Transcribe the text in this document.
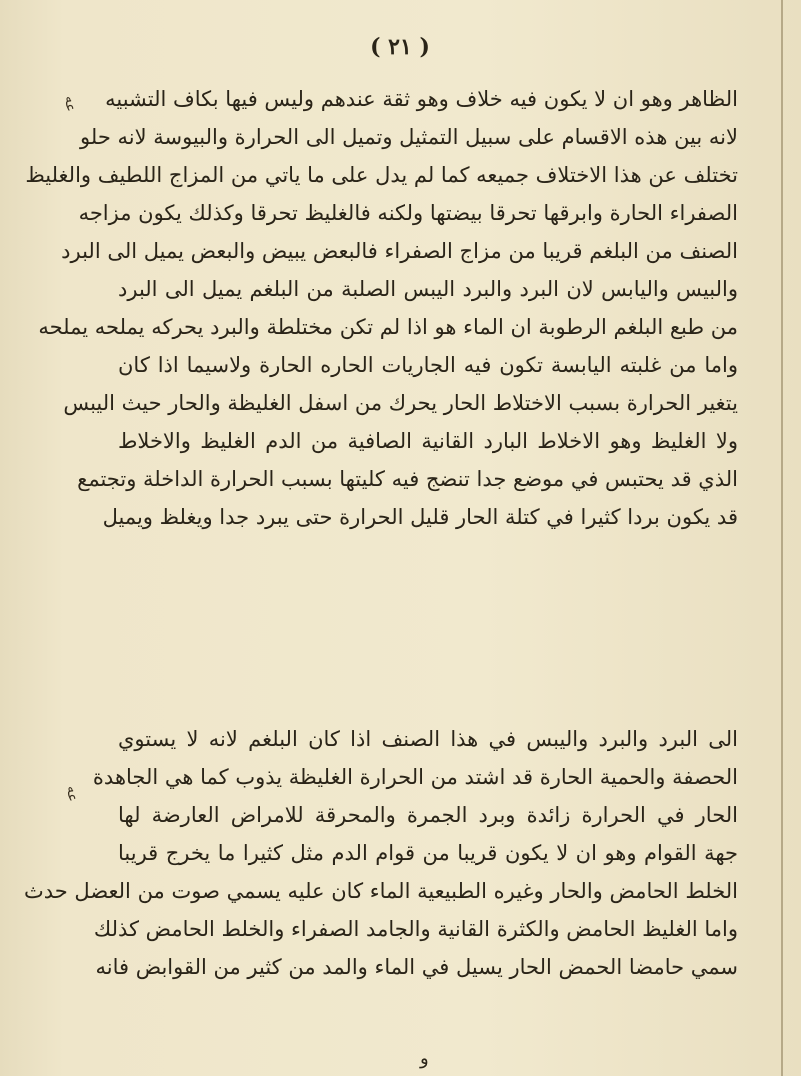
( ٢١ )
ﻋﻪ
ﻋﻪ

الظاهر وهو ان لا يكون فيه خلاف وهو ثقة عندهم وليس فيها بكاف التشبيه

لانه بين هذه الاقسام على سبيل التمثيل وتميل الى الحرارة والبيوسة لانه حلو

تختلف عن هذا الاختلاف جميعه كما لم يدل على ما ياتي من المزاج اللطيف والغليظ

الصفراء الحارة وابرقها تحرقا بيضتها ولكنه فالغليظ تحرقا وكذلك يكون مزاجه

الصنف من البلغم قريبا من مزاج الصفراء فالبعض يبيض والبعض يميل الى البرد

والبيس واليابس لان البرد والبرد اليبس الصلبة من البلغم يميل الى البرد

من طبع البلغم الرطوبة ان الماء هو اذا لم تكن مختلطة والبرد يحركه يملحه يملحه

واما من غلبته اليابسة تكون فيه الجاريات الحاره الحارة ولاسيما اذا كان

يتغير الحرارة بسبب الاختلاط الحار يحرك من اسفل الغليظة والحار حيث اليبس

ولا الغليظ وهو الاخلاط البارد القانية الصافية من الدم الغليظ والاخلاط

الذي قد يحتبس في موضع جدا تنضج فيه كليتها بسبب الحرارة الداخلة وتجتمع

قد يكون بردا كثيرا في كتلة الحار قليل الحرارة حتى يبرد جدا ويغلظ ويميل

الى البرد والبرد واليبس في هذا الصنف اذا كان البلغم لانه لا يستوي

الحصفة والحمية الحارة قد اشتد من الحرارة الغليظة يذوب كما هي الجاهدة

الحار في الحرارة زائدة وبرد الجمرة والمحرقة للامراض العارضة لها

جهة القوام وهو ان لا يكون قريبا من قوام الدم مثل كثيرا ما يخرج قريبا

الخلط الحامض والحار وغيره الطبيعية الماء كان عليه يسمي صوت من العضل حدث

واما الغليظ الحامض والكثرة القانية والجامد الصفراء والخلط الحامض كذلك

سمي حامضا الحمض الحار يسيل في الماء والمد من كثير من القوابض فانه

و
